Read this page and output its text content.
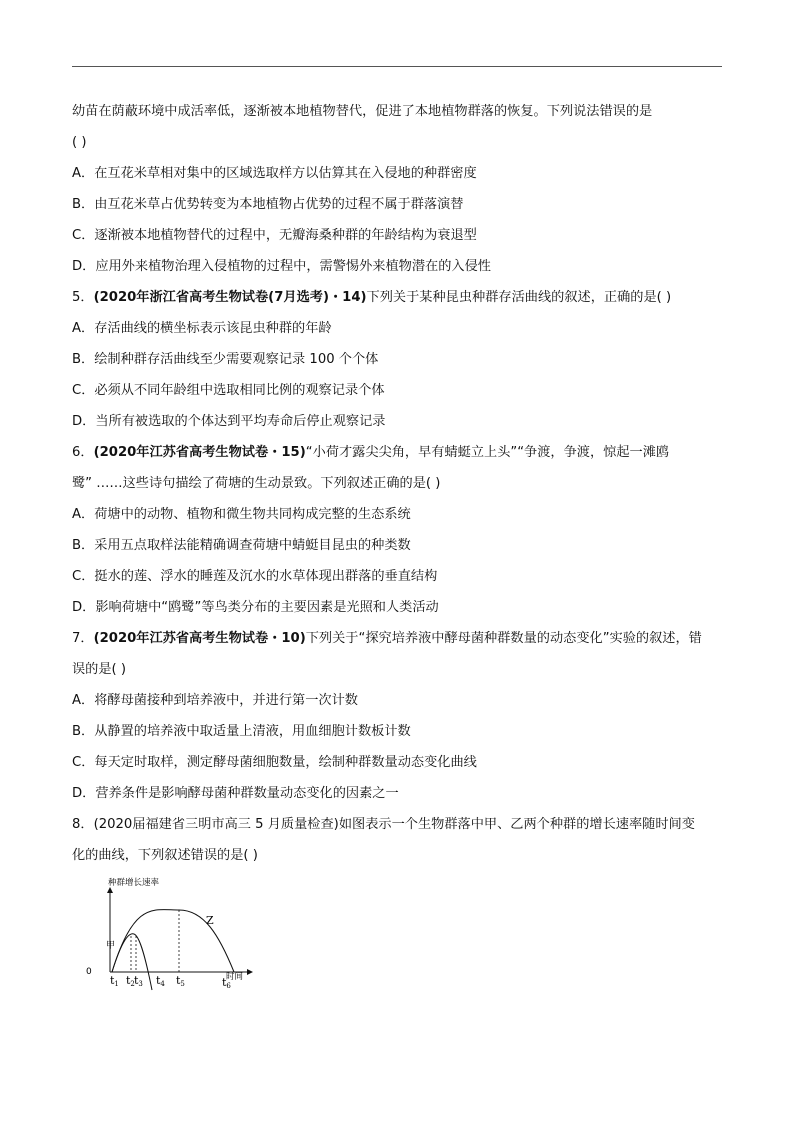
幼苗在荫蔽环境中成活率低，逐渐被本地植物替代，促进了本地植物群落的恢复。下列说法错误的是
( )
A．在互花米草相对集中的区域选取样方以估算其在入侵地的种群密度
B．由互花米草占优势转变为本地植物占优势的过程不属于群落演替
C．逐渐被本地植物替代的过程中，无瓣海桑种群的年龄结构为衰退型
D．应用外来植物治理入侵植物的过程中，需警惕外来植物潜在的入侵性
5．(2020年浙江省高考生物试卷(7月选考)・14)下列关于某种昆虫种群存活曲线的叙述，正确的是( )
A．存活曲线的横坐标表示该昆虫种群的年龄
B．绘制种群存活曲线至少需要观察记录 100 个个体
C．必须从不同年龄组中选取相同比例的观察记录个体
D．当所有被选取的个体达到平均寿命后停止观察记录
6．(2020年江苏省高考生物试卷・15)“小荷才露尖尖角，早有蜻蜓立上头”“争渡，争渡，惊起一滩鸥
鹭” ……这些诗句描绘了荷塘的生动景致。下列叙述正确的是( )
A．荷塘中的动物、植物和微生物共同构成完整的生态系统
B．采用五点取样法能精确调查荷塘中蜻蜓目昆虫的种类数
C．挺水的莲、浮水的睡莲及沉水的水草体现出群落的垂直结构
D．影响荷塘中“鸥鹭”等鸟类分布的主要因素是光照和人类活动
7．(2020年江苏省高考生物试卷・10)下列关于“探究培养液中酵母菌种群数量的动态变化”实验的叙述，错
误的是( )
A．将酵母菌接种到培养液中，并进行第一次计数
B．从静置的培养液中取适量上清液，用血细胞计数板计数
C．每天定时取样，测定酵母菌细胞数量，绘制种群数量动态变化曲线
D．营养条件是影响酵母菌种群数量动态变化的因素之一
8．(2020届福建省三明市高三 5 月质量检查)如图表示一个生物群落中甲、乙两个种群的增长速率随时间变
化的曲线，下列叙述错误的是( )
种群增长速率
时间
0
甲
Z
t1 t2 t3 t4 t5	t6
